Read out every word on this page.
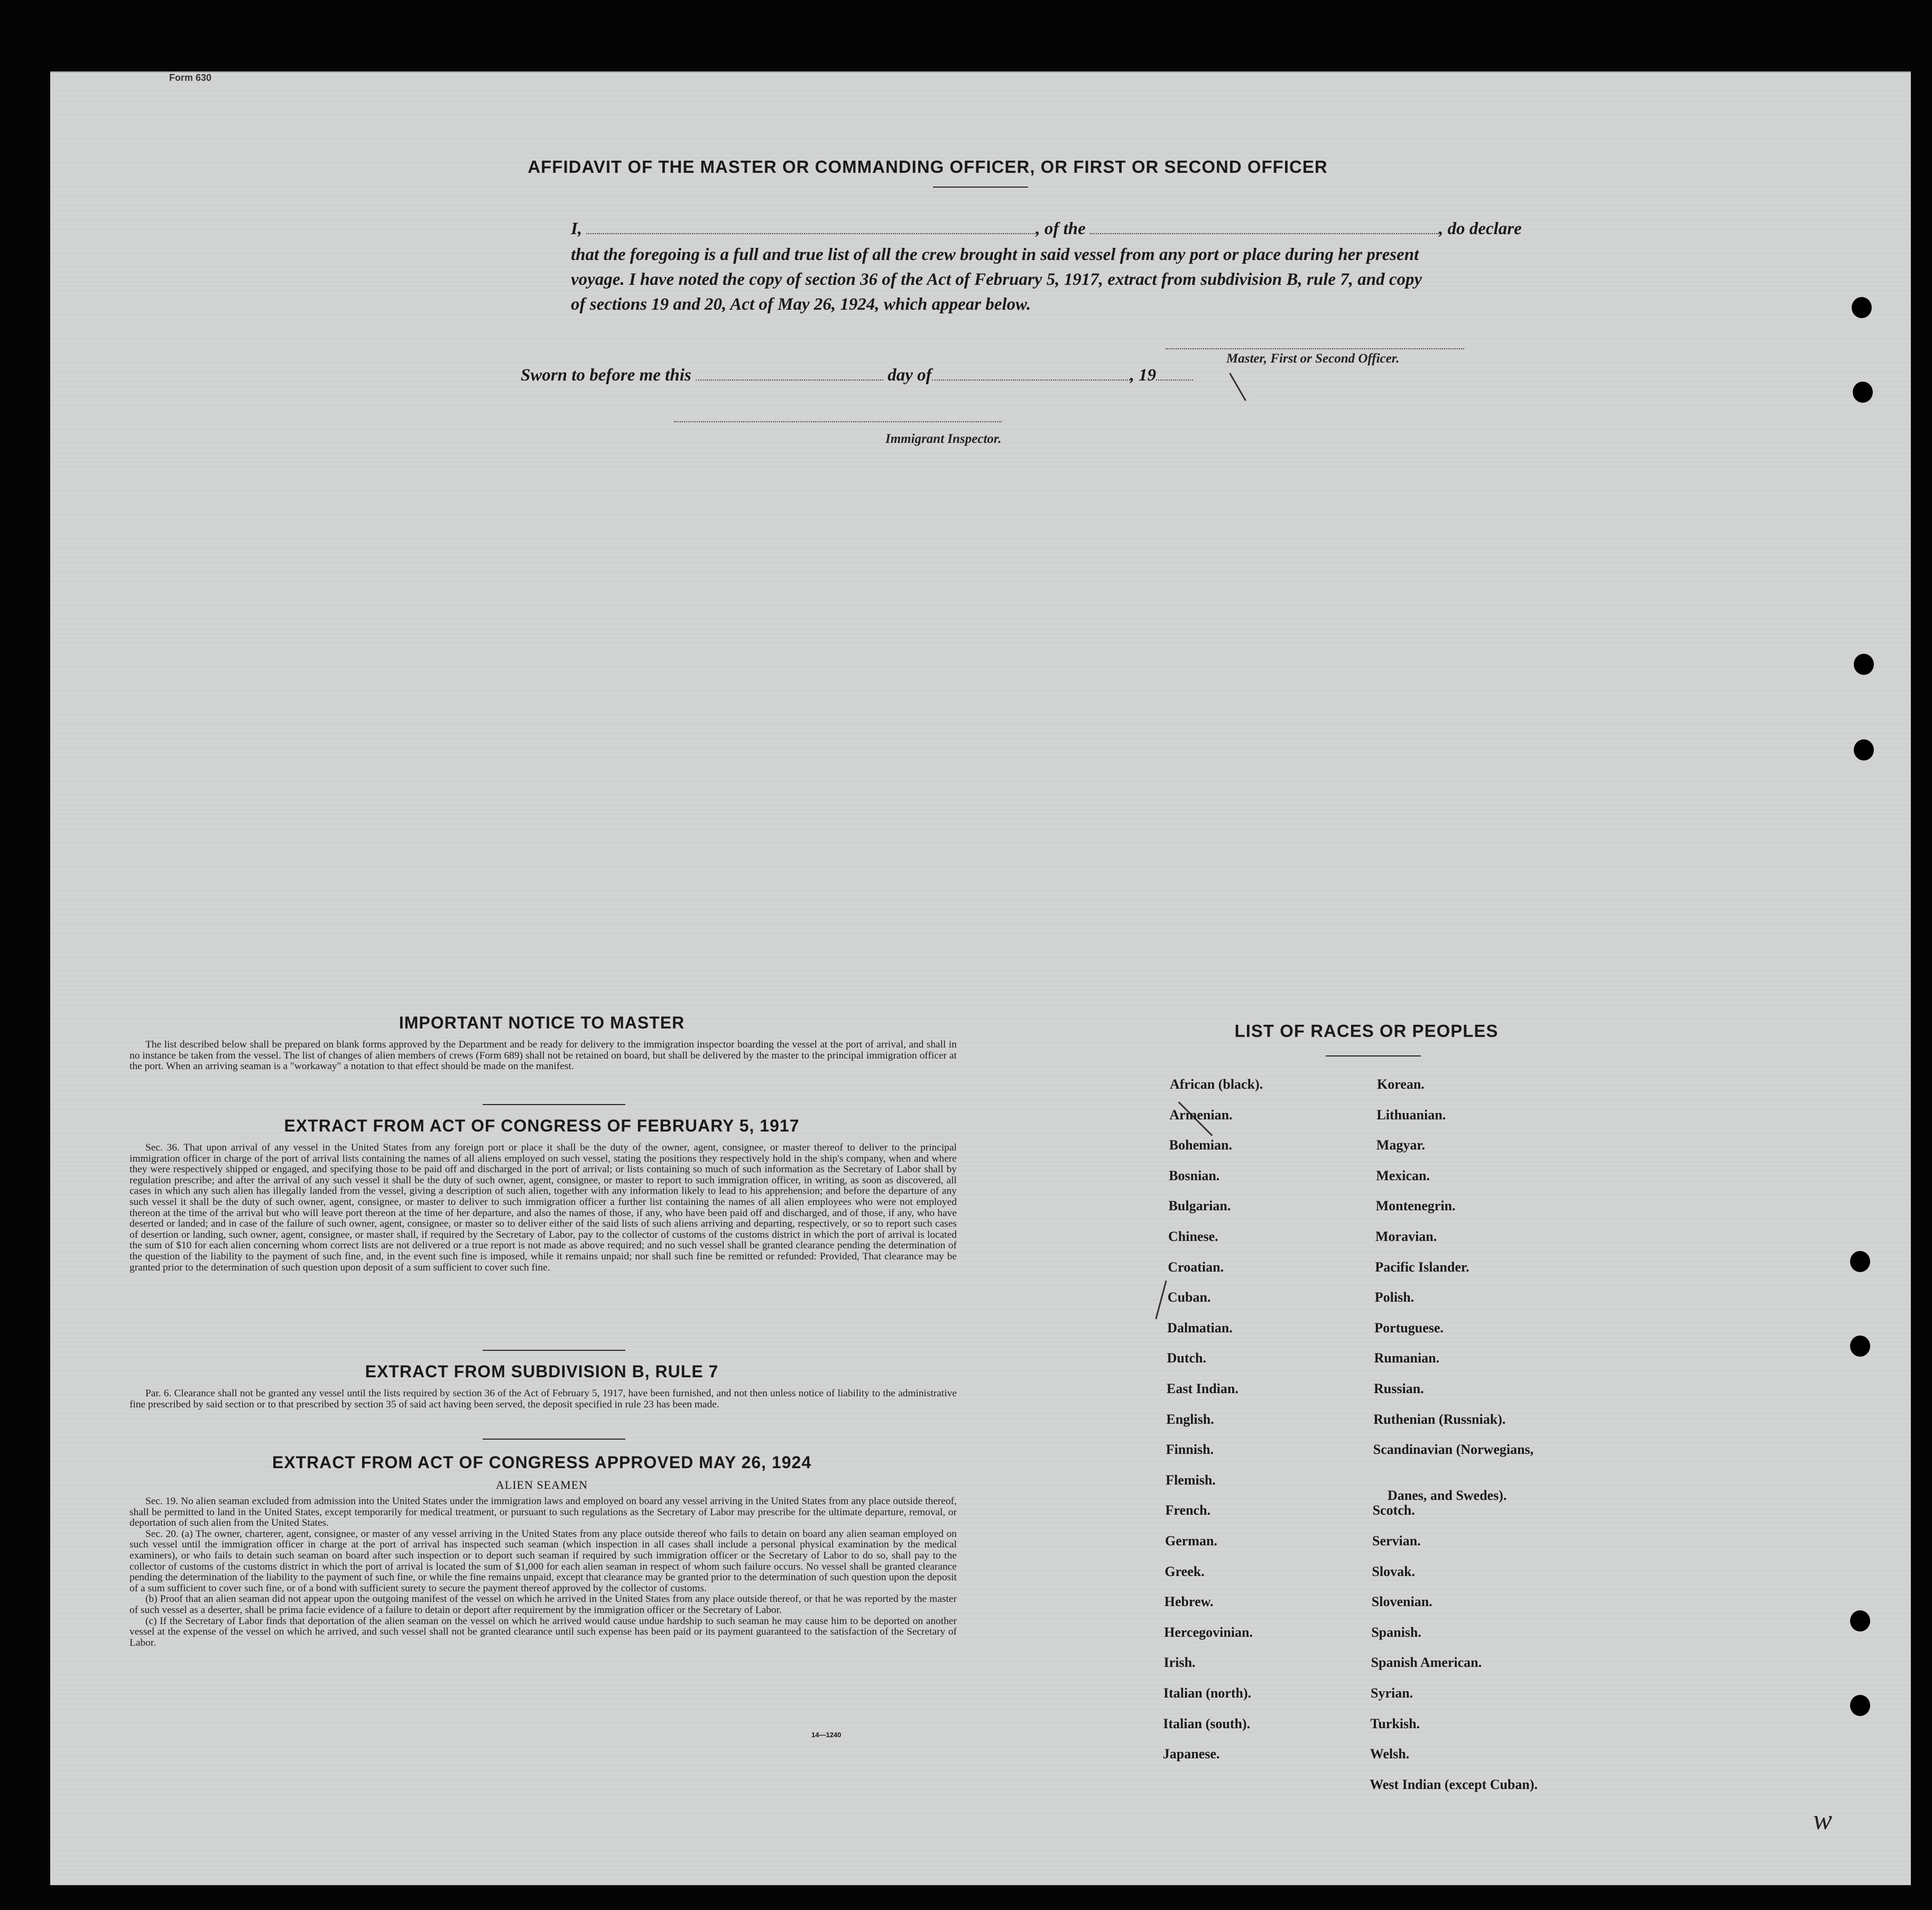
Form 630
AFFIDAVIT OF THE MASTER OR COMMANDING OFFICER, OR FIRST OR SECOND OFFICER
I,	, of the	, do declare
that the foregoing is a full and true list of all the crew brought in said vessel from any port or place during her present
voyage. I have noted the copy of section 36 of the Act of February 5, 1917, extract from subdivision B, rule 7, and copy
of sections 19 and 20, Act of May 26, 1924, which appear below.
Master, First or Second Officer.
Sworn to before me this	day of	, 19
Immigrant Inspector.
IMPORTANT NOTICE TO MASTER

The list described below shall be prepared on blank forms approved by the Department and be ready for delivery to the immigration inspector boarding the vessel at the port of arrival, and shall in no instance be taken from the vessel. The list of changes of alien members of crews (Form 689) shall not be retained on board, but shall be delivered by the master to the principal immigration officer at the port. When an arriving seaman is a "workaway" a notation to that effect should be made on the manifest.

EXTRACT FROM ACT OF CONGRESS OF FEBRUARY 5, 1917

Sec. 36. That upon arrival of any vessel in the United States from any foreign port or place it shall be the duty of the owner, agent, consignee, or master thereof to deliver to the principal immigration officer in charge of the port of arrival lists containing the names of all aliens employed on such vessel, stating the positions they respectively hold in the ship's company, when and where they were respectively shipped or engaged, and specifying those to be paid off and discharged in the port of arrival; or lists containing so much of such information as the Secretary of Labor shall by regulation prescribe; and after the arrival of any such vessel it shall be the duty of such owner, agent, consignee, or master to report to such immigration officer, in writing, as soon as discovered, all cases in which any such alien has illegally landed from the vessel, giving a description of such alien, together with any information likely to lead to his apprehension; and before the departure of any such vessel it shall be the duty of such owner, agent, consignee, or master to deliver to such immigration officer a further list containing the names of all alien employees who were not employed thereon at the time of the arrival but who will leave port thereon at the time of her departure, and also the names of those, if any, who have been paid off and discharged, and of those, if any, who have deserted or landed; and in case of the failure of such owner, agent, consignee, or master so to deliver either of the said lists of such aliens arriving and departing, respectively, or so to report such cases of desertion or landing, such owner, agent, consignee, or master shall, if required by the Secretary of Labor, pay to the collector of customs of the customs district in which the port of arrival is located the sum of $10 for each alien concerning whom correct lists are not delivered or a true report is not made as above required; and no such vessel shall be granted clearance pending the determination of the question of the liability to the payment of such fine, and, in the event such fine is imposed, while it remains unpaid; nor shall such fine be remitted or refunded: Provided, That clearance may be granted prior to the determination of such question upon deposit of a sum sufficient to cover such fine.

EXTRACT FROM SUBDIVISION B, RULE 7

Par. 6. Clearance shall not be granted any vessel until the lists required by section 36 of the Act of February 5, 1917, have been furnished, and not then unless notice of liability to the administrative fine prescribed by said section or to that prescribed by section 35 of said act having been served, the deposit specified in rule 23 has been made.

EXTRACT FROM ACT OF CONGRESS APPROVED MAY 26, 1924
ALIEN SEAMEN

Sec. 19. No alien seaman excluded from admission into the United States under the immigration laws and employed on board any vessel arriving in the United States from any place outside thereof, shall be permitted to land in the United States, except temporarily for medical treatment, or pursuant to such regulations as the Secretary of Labor may prescribe for the ultimate departure, removal, or deportation of such alien from the United States.

Sec. 20. (a) The owner, charterer, agent, consignee, or master of any vessel arriving in the United States from any place outside thereof who fails to detain on board any alien seaman employed on such vessel until the immigration officer in charge at the port of arrival has inspected such seaman (which inspection in all cases shall include a personal physical examination by the medical examiners), or who fails to detain such seaman on board after such inspection or to deport such seaman if required by such immigration officer or the Secretary of Labor to do so, shall pay to the collector of customs of the customs district in which the port of arrival is located the sum of $1,000 for each alien seaman in respect of whom such failure occurs. No vessel shall be granted clearance pending the determination of the liability to the payment of such fine, or while the fine remains unpaid, except that clearance may be granted prior to the determination of such question upon the deposit of a sum sufficient to cover such fine, or of a bond with sufficient surety to secure the payment thereof approved by the collector of customs.

(b) Proof that an alien seaman did not appear upon the outgoing manifest of the vessel on which he arrived in the United States from any place outside thereof, or that he was reported by the master of such vessel as a deserter, shall be prima facie evidence of a failure to detain or deport after requirement by the immigration officer or the Secretary of Labor.

(c) If the Secretary of Labor finds that deportation of the alien seaman on the vessel on which he arrived would cause undue hardship to such seaman he may cause him to be deported on another vessel at the expense of the vessel on which he arrived, and such vessel shall not be granted clearance until such expense has been paid or its payment guaranteed to the satisfaction of the Secretary of Labor.

14—1240
LIST OF RACES OR PEOPLES
w
African (black).
Armenian.
Bohemian.
Bosnian.
Bulgarian.
Chinese.
Croatian.
Cuban.
Dalmatian.
Dutch.
East Indian.
English.
Finnish.
Flemish.
French.
German.
Greek.
Hebrew.
Hercegovinian.
Irish.
Italian (north).
Italian (south).
Japanese.
Korean.
Lithuanian.
Magyar.
Mexican.
Montenegrin.
Moravian.
Pacific Islander.
Polish.
Portuguese.
Rumanian.
Russian.
Ruthenian (Russniak).
Scandinavian (Norwegians,
Danes, and Swedes).
Scotch.
Servian.
Slovak.
Slovenian.
Spanish.
Spanish American.
Syrian.
Turkish.
Welsh.
West Indian (except Cuban).
